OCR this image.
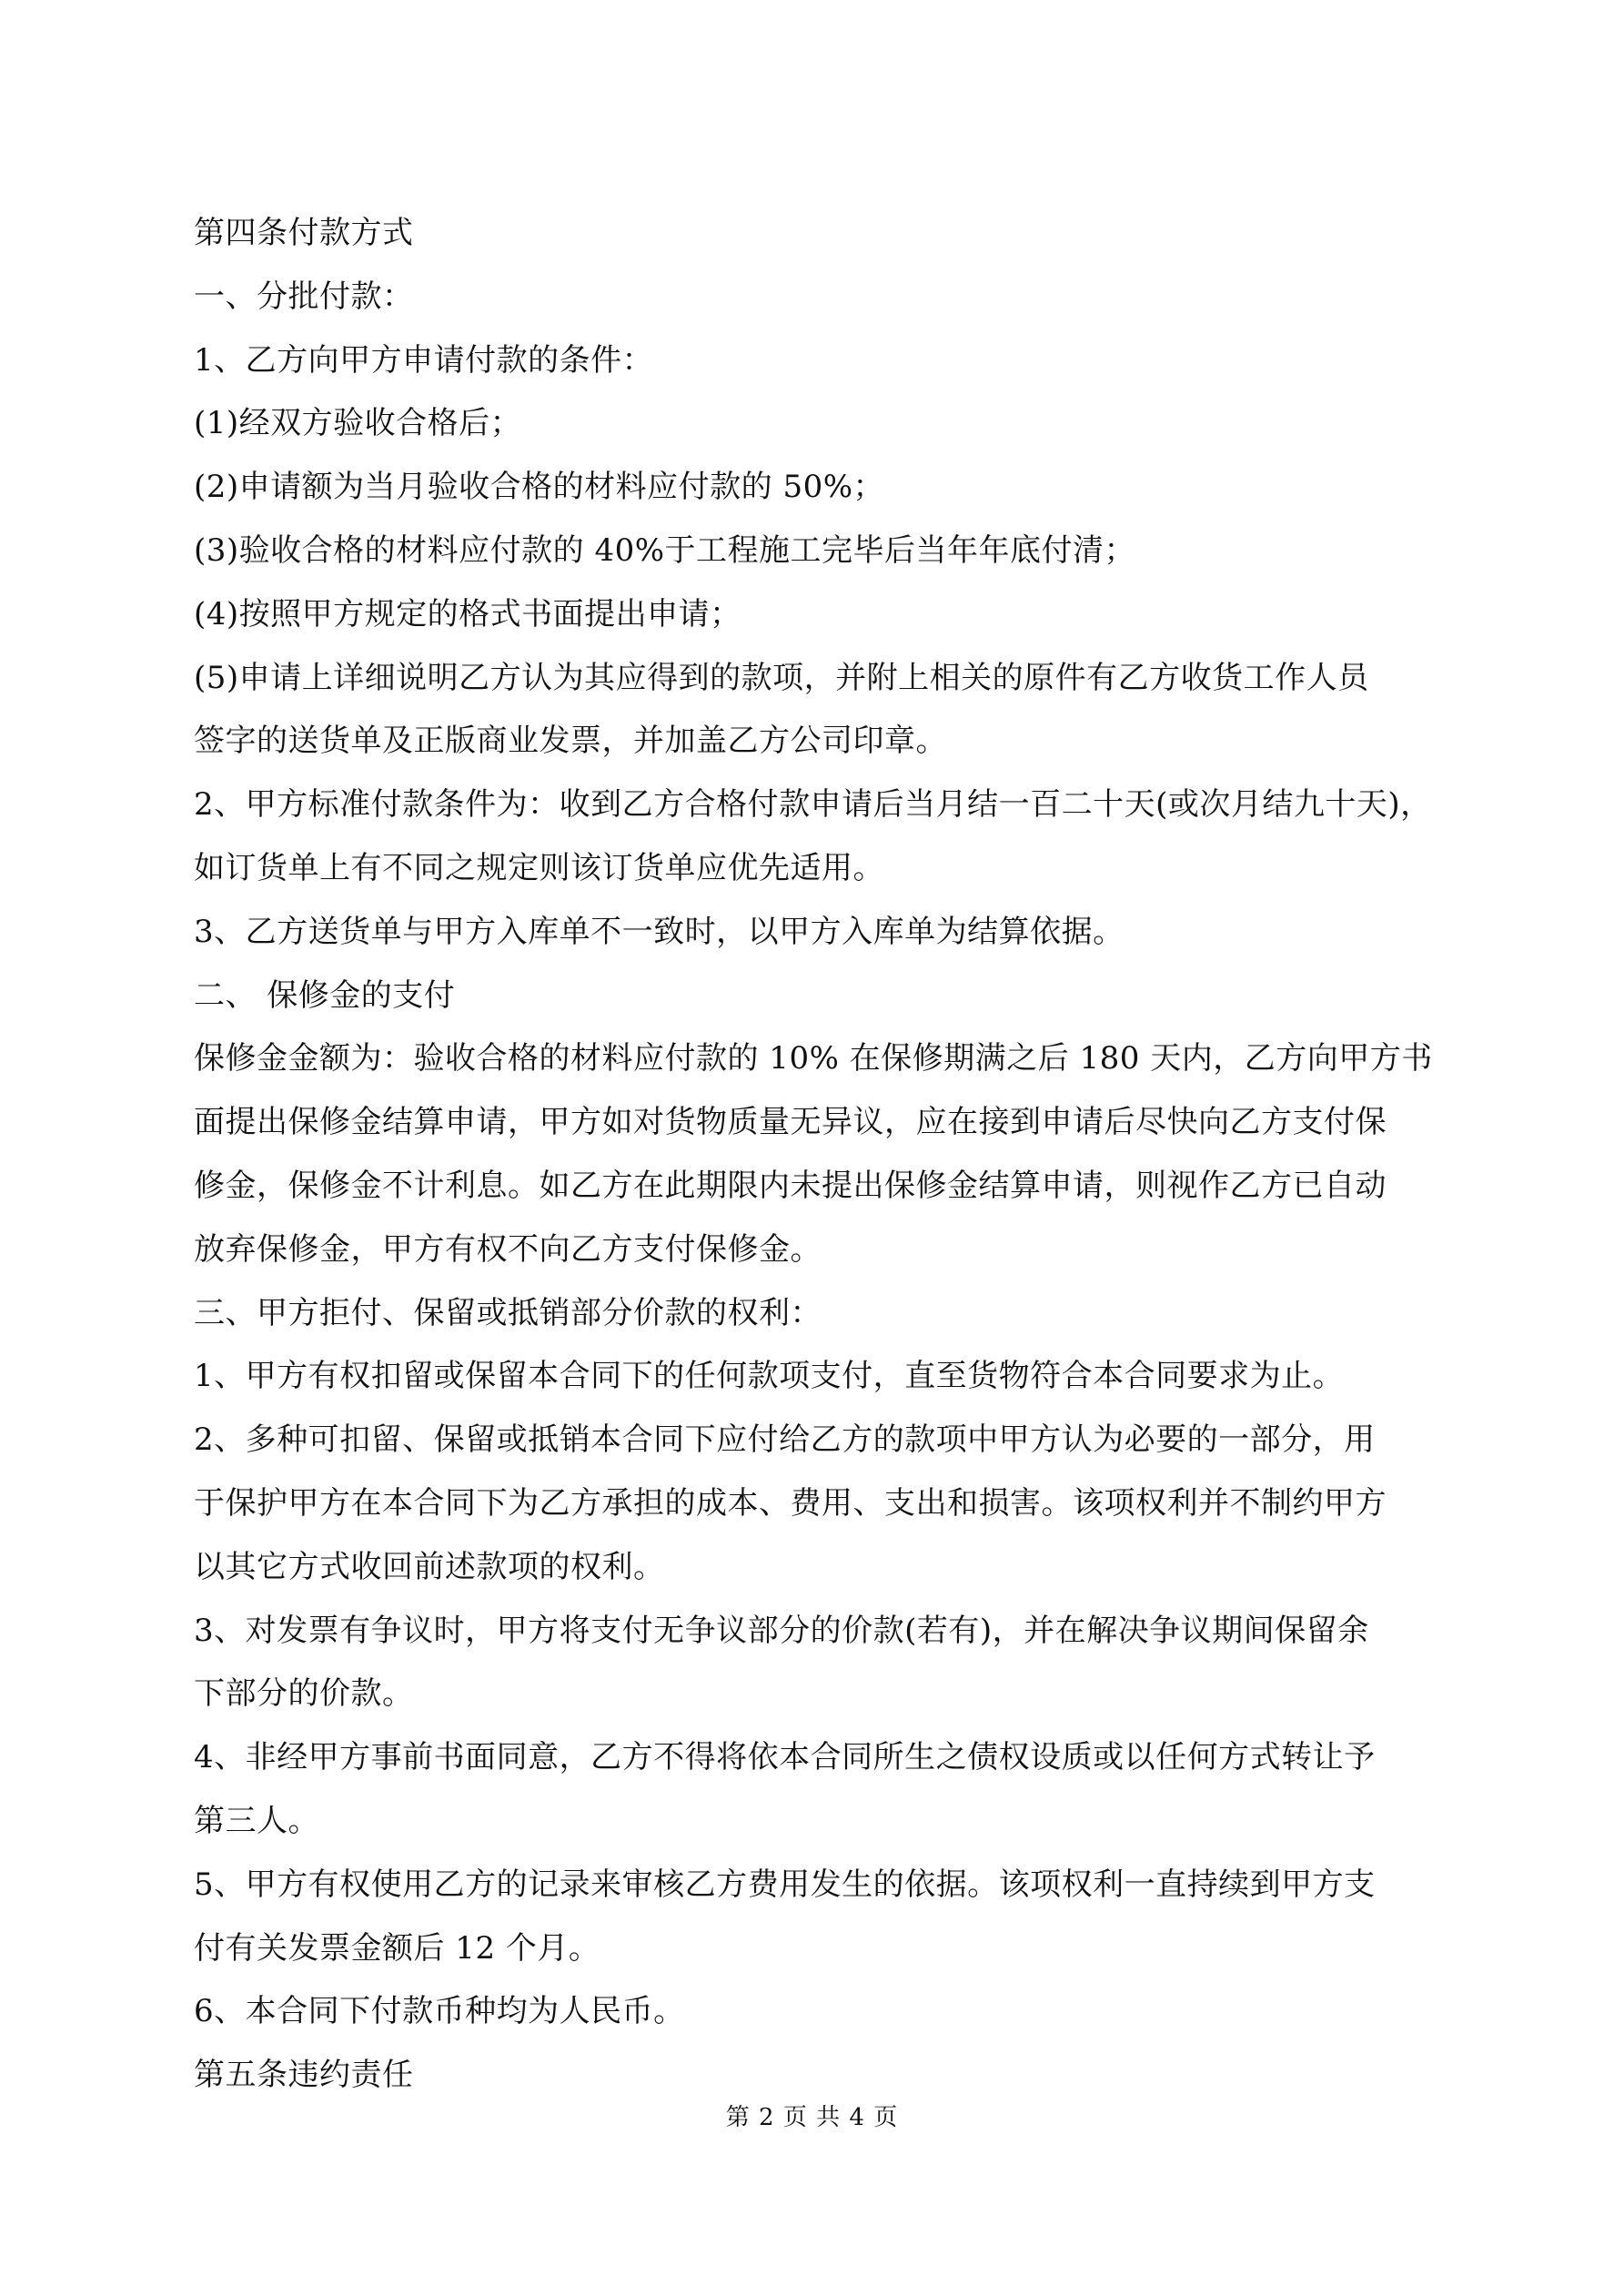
第四条付款方式
一、分批付款：
1、乙方向甲方申请付款的条件：
(1)经双方验收合格后；
(2)申请额为当月验收合格的材料应付款的 50%；
(3)验收合格的材料应付款的 40%于工程施工完毕后当年年底付清；
(4)按照甲方规定的格式书面提出申请；
(5)申请上详细说明乙方认为其应得到的款项，并附上相关的原件有乙方收货工作人员
签字的送货单及正版商业发票，并加盖乙方公司印章。
2、甲方标准付款条件为：收到乙方合格付款申请后当月结一百二十天(或次月结九十天)，
如订货单上有不同之规定则该订货单应优先适用。
3、乙方送货单与甲方入库单不一致时，以甲方入库单为结算依据。
二、 保修金的支付
保修金金额为：验收合格的材料应付款的 10% 在保修期满之后 180 天内，乙方向甲方书
面提出保修金结算申请，甲方如对货物质量无异议，应在接到申请后尽快向乙方支付保
修金，保修金不计利息。如乙方在此期限内未提出保修金结算申请，则视作乙方已自动
放弃保修金，甲方有权不向乙方支付保修金。
三、甲方拒付、保留或抵销部分价款的权利：
1、甲方有权扣留或保留本合同下的任何款项支付，直至货物符合本合同要求为止。
2、多种可扣留、保留或抵销本合同下应付给乙方的款项中甲方认为必要的一部分，用
于保护甲方在本合同下为乙方承担的成本、费用、支出和损害。该项权利并不制约甲方
以其它方式收回前述款项的权利。
3、对发票有争议时，甲方将支付无争议部分的价款(若有)，并在解决争议期间保留余
下部分的价款。
4、非经甲方事前书面同意，乙方不得将依本合同所生之债权设质或以任何方式转让予
第三人。
5、甲方有权使用乙方的记录来审核乙方费用发生的依据。该项权利一直持续到甲方支
付有关发票金额后 12 个月。
6、本合同下付款币种均为人民币。
第五条违约责任
第 2 页 共 4 页
